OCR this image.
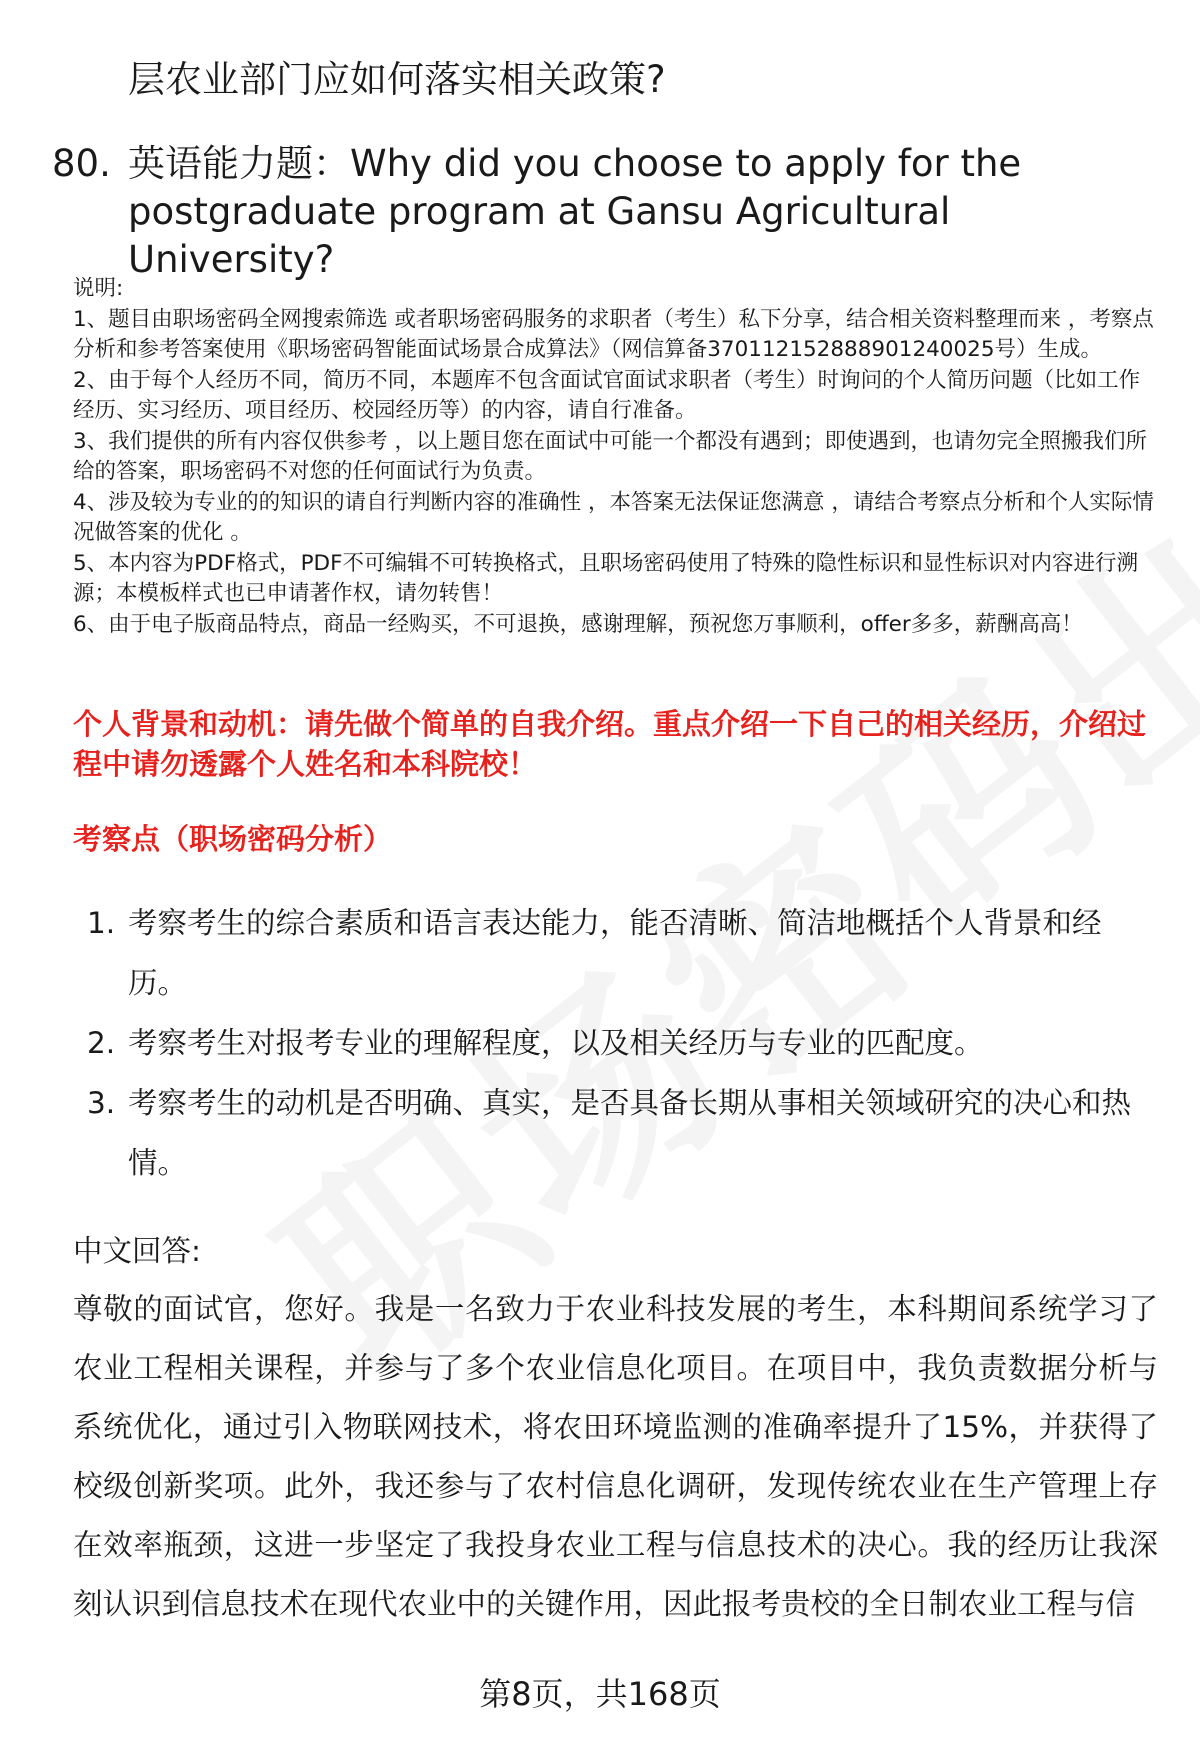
层农业部门应如何落实相关政策?

80. 英语能力题：Why did you choose to apply for the postgraduate program at Gansu Agricultural University?

说明:

1、题目由职场密码全网搜索筛选 或者职场密码服务的求职者（考生）私下分享，结合相关资料整理而来 ，考察点分析和参考答案使用《职场密码智能面试场景合成算法》（网信算备370112152888901240025号）生成。

2、由于每个人经历不同，简历不同，本题库不包含面试官面试求职者（考生）时询问的个人简历问题（比如工作经历、实习经历、项目经历、校园经历等）的内容，请自行准备。

3、我们提供的所有内容仅供参考 ，以上题目您在面试中可能一个都没有遇到；即使遇到，也请勿完全照搬我们所给的答案，职场密码不对您的任何面试行为负责。

4、涉及较为专业的的知识的请自行判断内容的准确性 ，本答案无法保证您满意 ，请结合考察点分析和个人实际情况做答案的优化 。

5、本内容为PDF格式，PDF不可编辑不可转换格式，且职场密码使用了特殊的隐性标识和显性标识对内容进行溯源；本模板样式也已申请著作权，请勿转售！

6、由于电子版商品特点，商品一经购买，不可退换，感谢理解，预祝您万事顺利，offer多多，薪酬高高！

个人背景和动机：请先做个简单的自我介绍。重点介绍一下自己的相关经历，介绍过程中请勿透露个人姓名和本科院校！
考察点（职场密码分析）
1. 考察考生的综合素质和语言表达能力，能否清晰、简洁地概括个人背景和经历。
2. 考察考生对报考专业的理解程度，以及相关经历与专业的匹配度。
3. 考察考生的动机是否明确、真实，是否具备长期从事相关领域研究的决心和热情。
中文回答:
尊敬的面试官，您好。我是一名致力于农业科技发展的考生，本科期间系统学习了农业工程相关课程，并参与了多个农业信息化项目。在项目中，我负责数据分析与系统优化，通过引入物联网技术，将农田环境监测的准确率提升了15%，并获得了校级创新奖项。此外，我还参与了农村信息化调研，发现传统农业在生产管理上存在效率瓶颈，这进一步坚定了我投身农业工程与信息技术的决心。我的经历让我深刻认识到信息技术在现代农业中的关键作用，因此报考贵校的全日制农业工程与信
第8页，共168页
